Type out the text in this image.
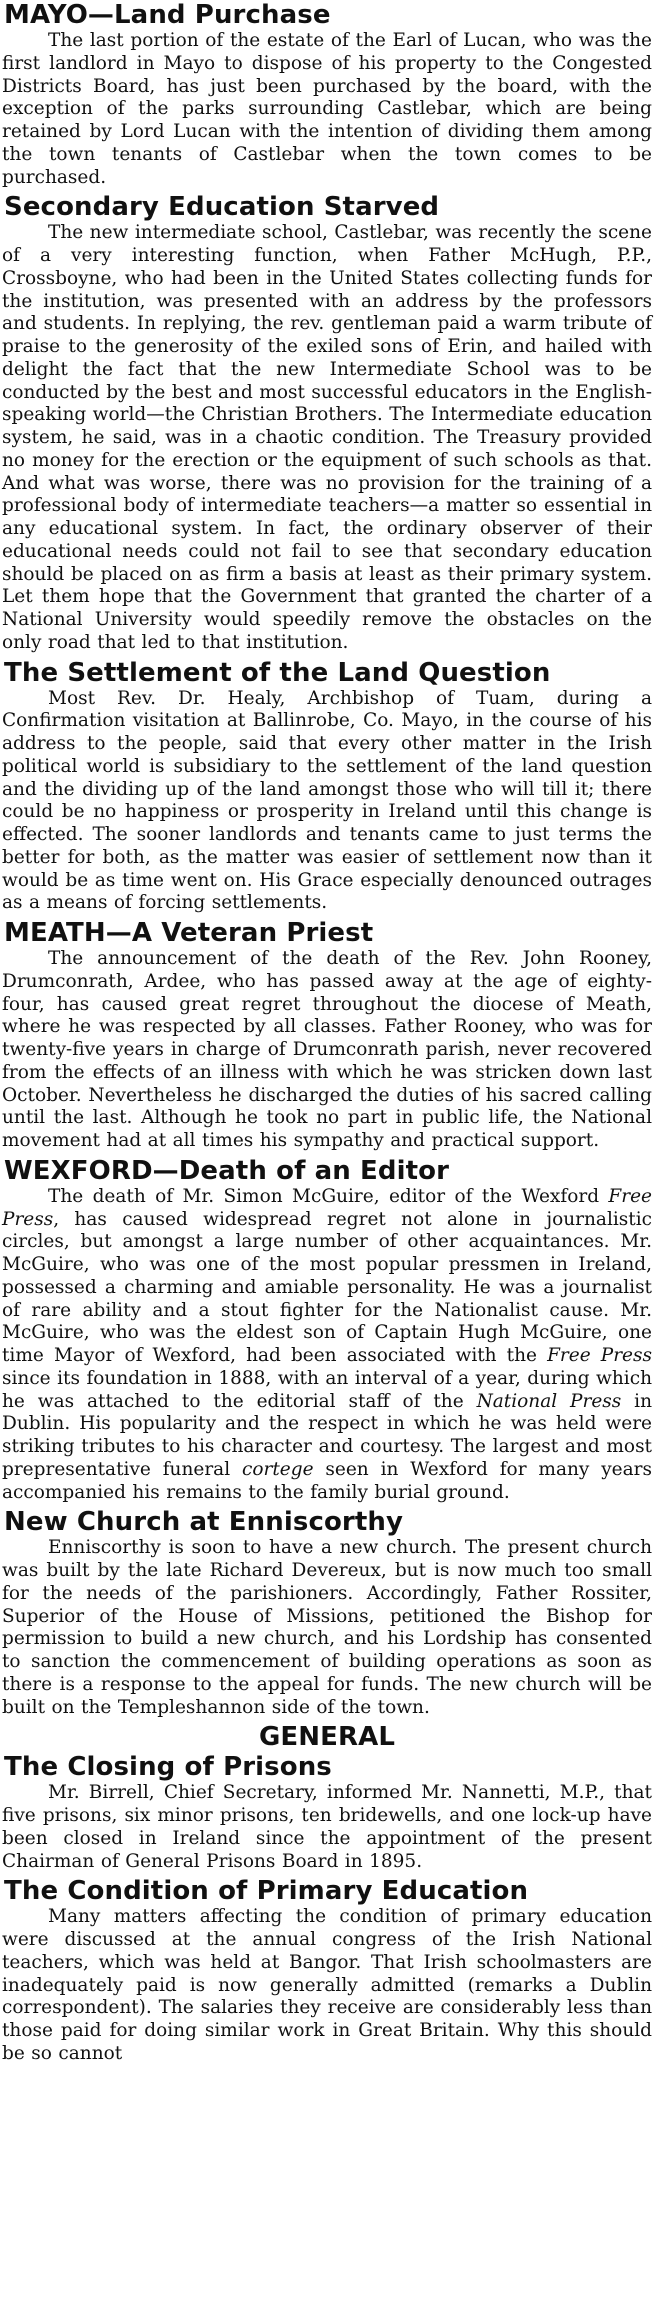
MAYO—Land Purchase

The last portion of the estate of the Earl of Lucan, who was the first landlord in Mayo to dispose of his property to the Congested Districts Board, has just been purchased by the board, with the exception of the parks surrounding Castlebar, which are being retained by Lord Lucan with the intention of dividing them among the town tenants of Castlebar when the town comes to be purchased.

Secondary Education Starved

The new intermediate school, Castlebar, was recently the scene of a very interesting function, when Father McHugh, P.P., Crossboyne, who had been in the United States collecting funds for the institution, was presented with an address by the professors and students. In replying, the rev. gentleman paid a warm tribute of praise to the generosity of the exiled sons of Erin, and hailed with delight the fact that the new Intermediate School was to be conducted by the best and most successful educators in the English-speaking world—the Christian Brothers. The Intermediate education system, he said, was in a chaotic condition. The Treasury provided no money for the erection or the equipment of such schools as that. And what was worse, there was no provision for the training of a professional body of intermediate teachers—a matter so essential in any educational system. In fact, the ordinary observer of their educational needs could not fail to see that secondary education should be placed on as firm a basis at least as their primary system. Let them hope that the Government that granted the charter of a National University would speedily remove the obstacles on the only road that led to that institution.

The Settlement of the Land Question

Most Rev. Dr. Healy, Archbishop of Tuam, during a Confirmation visitation at Ballinrobe, Co. Mayo, in the course of his address to the people, said that every other matter in the Irish political world is subsidiary to the settlement of the land question and the dividing up of the land amongst those who will till it; there could be no happiness or prosperity in Ireland until this change is effected. The sooner landlords and tenants came to just terms the better for both, as the matter was easier of settlement now than it would be as time went on. His Grace especially denounced outrages as a means of forcing settlements.

MEATH—A Veteran Priest

The announcement of the death of the Rev. John Rooney, Drumconrath, Ardee, who has passed away at the age of eighty-four, has caused great regret throughout the diocese of Meath, where he was respected by all classes. Father Rooney, who was for twenty-five years in charge of Drumconrath parish, never recovered from the effects of an illness with which he was stricken down last October. Nevertheless he discharged the duties of his sacred calling until the last. Although he took no part in public life, the National movement had at all times his sympathy and practical support.

WEXFORD—Death of an Editor

The death of Mr. Simon McGuire, editor of the Wexford Free Press, has caused widespread regret not alone in journalistic circles, but amongst a large number of other acquaintances. Mr. McGuire, who was one of the most popular pressmen in Ireland, possessed a charming and amiable personality. He was a journalist of rare ability and a stout fighter for the Nationalist cause. Mr. McGuire, who was the eldest son of Captain Hugh McGuire, one time Mayor of Wexford, had been associated with the Free Press since its foundation in 1888, with an interval of a year, during which he was attached to the editorial staff of the National Press in Dublin. His popularity and the respect in which he was held were striking tributes to his character and courtesy. The largest and most prepresentative funeral cortege seen in Wexford for many years accompanied his remains to the family burial ground.

New Church at Enniscorthy

Enniscorthy is soon to have a new church. The present church was built by the late Richard Devereux, but is now much too small for the needs of the parishioners. Accordingly, Father Rossiter, Superior of the House of Missions, petitioned the Bishop for permission to build a new church, and his Lordship has consented to sanction the commencement of building operations as soon as there is a response to the appeal for funds. The new church will be built on the Templeshannon side of the town.

GENERAL
The Closing of Prisons

Mr. Birrell, Chief Secretary, informed Mr. Nannetti, M.P., that five prisons, six minor prisons, ten bridewells, and one lock-up have been closed in Ireland since the appointment of the present Chairman of General Prisons Board in 1895.

The Condition of Primary Education

Many matters affecting the condition of primary education were discussed at the annual congress of the Irish National teachers, which was held at Bangor. That Irish schoolmasters are inadequately paid is now generally admitted (remarks a Dublin correspondent). The salaries they receive are considerably less than those paid for doing similar work in Great Britain. Why this should be so cannot
